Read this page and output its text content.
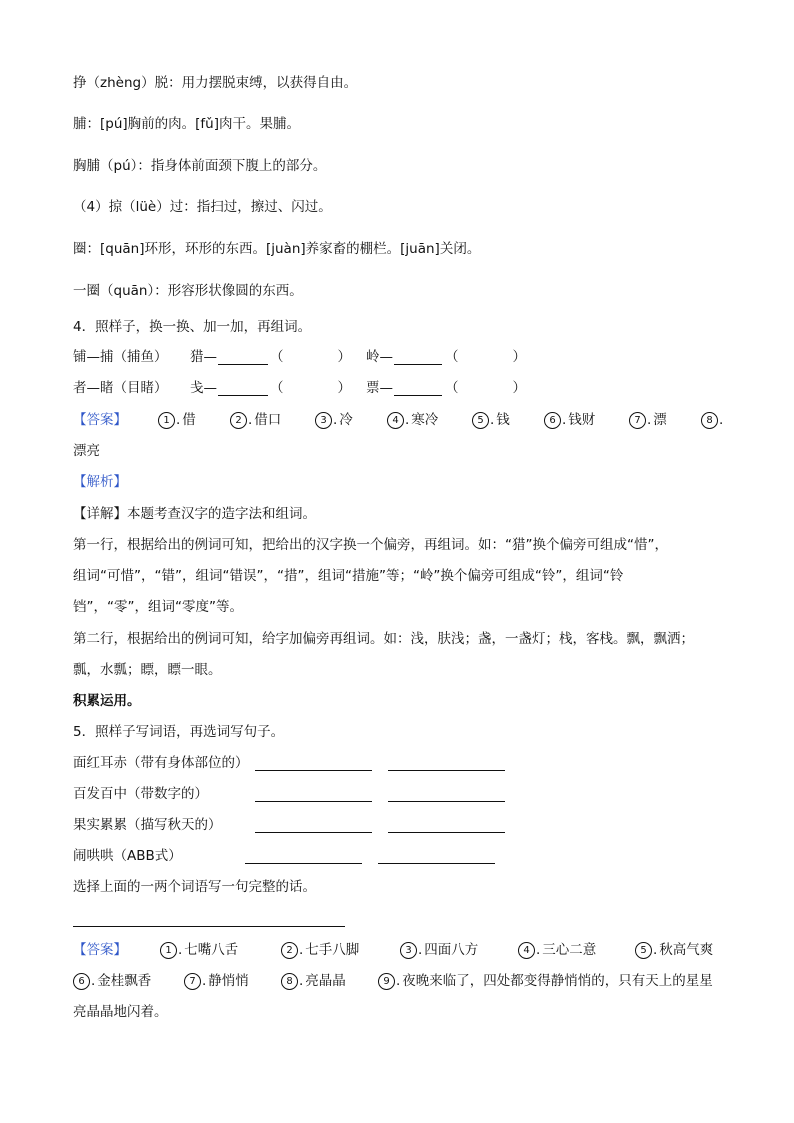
挣（zhèng）脱：用力摆脱束缚，以获得自由。
脯：[pú]胸前的肉。[fǔ]肉干。果脯。
胸脯（pú）：指身体前面颈下腹上的部分。
（4）掠（lüè）过：指扫过，擦过、闪过。
圈：[quān]环形，环形的东西。[juàn]养家畜的棚栏。[juān]关闭。
一圈（quān）：形容形状像圆的东西。
4．照样子，换一换、加一加，再组词。
铺—捕（捕鱼） 猎—	（　　　　） 岭—	（　　　　）
者—睹（目睹） 戋—	（　　　　） 票—	（　　　　）
【答案】	1 . 借	2 . 借口	3 . 冷	4 . 寒冷	5 . 钱	6 . 钱财	7 . 漂	8 .
漂亮
【解析】
【详解】本题考查汉字的造字法和组词。
第一行，根据给出的例词可知，把给出的汉字换一个偏旁，再组词。如：“猎”换个偏旁可组成“惜”，
组词“可惜”，“错”，组词“错误”，“措”，组词“措施”等；“岭”换个偏旁可组成“铃”，组词“铃
铛”，“零”，组词“零度”等。
第二行，根据给出的例词可知，给字加偏旁再组词。如：浅，肤浅；盏，一盏灯；栈，客栈。飘，飘洒；
瓢，水瓢；瞟，瞟一眼。
积累运用。
5．照样子写词语，再选词写句子。
面红耳赤（带有身体部位的）
百发百中（带数字的）
果实累累（描写秋天的）
闹哄哄（ABB式）
选择上面的一两个词语写一句完整的话。
【答案】	1 . 七嘴八舌	2 . 七手八脚	3 . 四面八方	4 . 三心二意	5 . 秋高气爽
6 . 金桂飘香	7 . 静悄悄	8 . 亮晶晶	9 . 夜晚来临了，四处都变得静悄悄的，只有天上的星星
亮晶晶地闪着。
